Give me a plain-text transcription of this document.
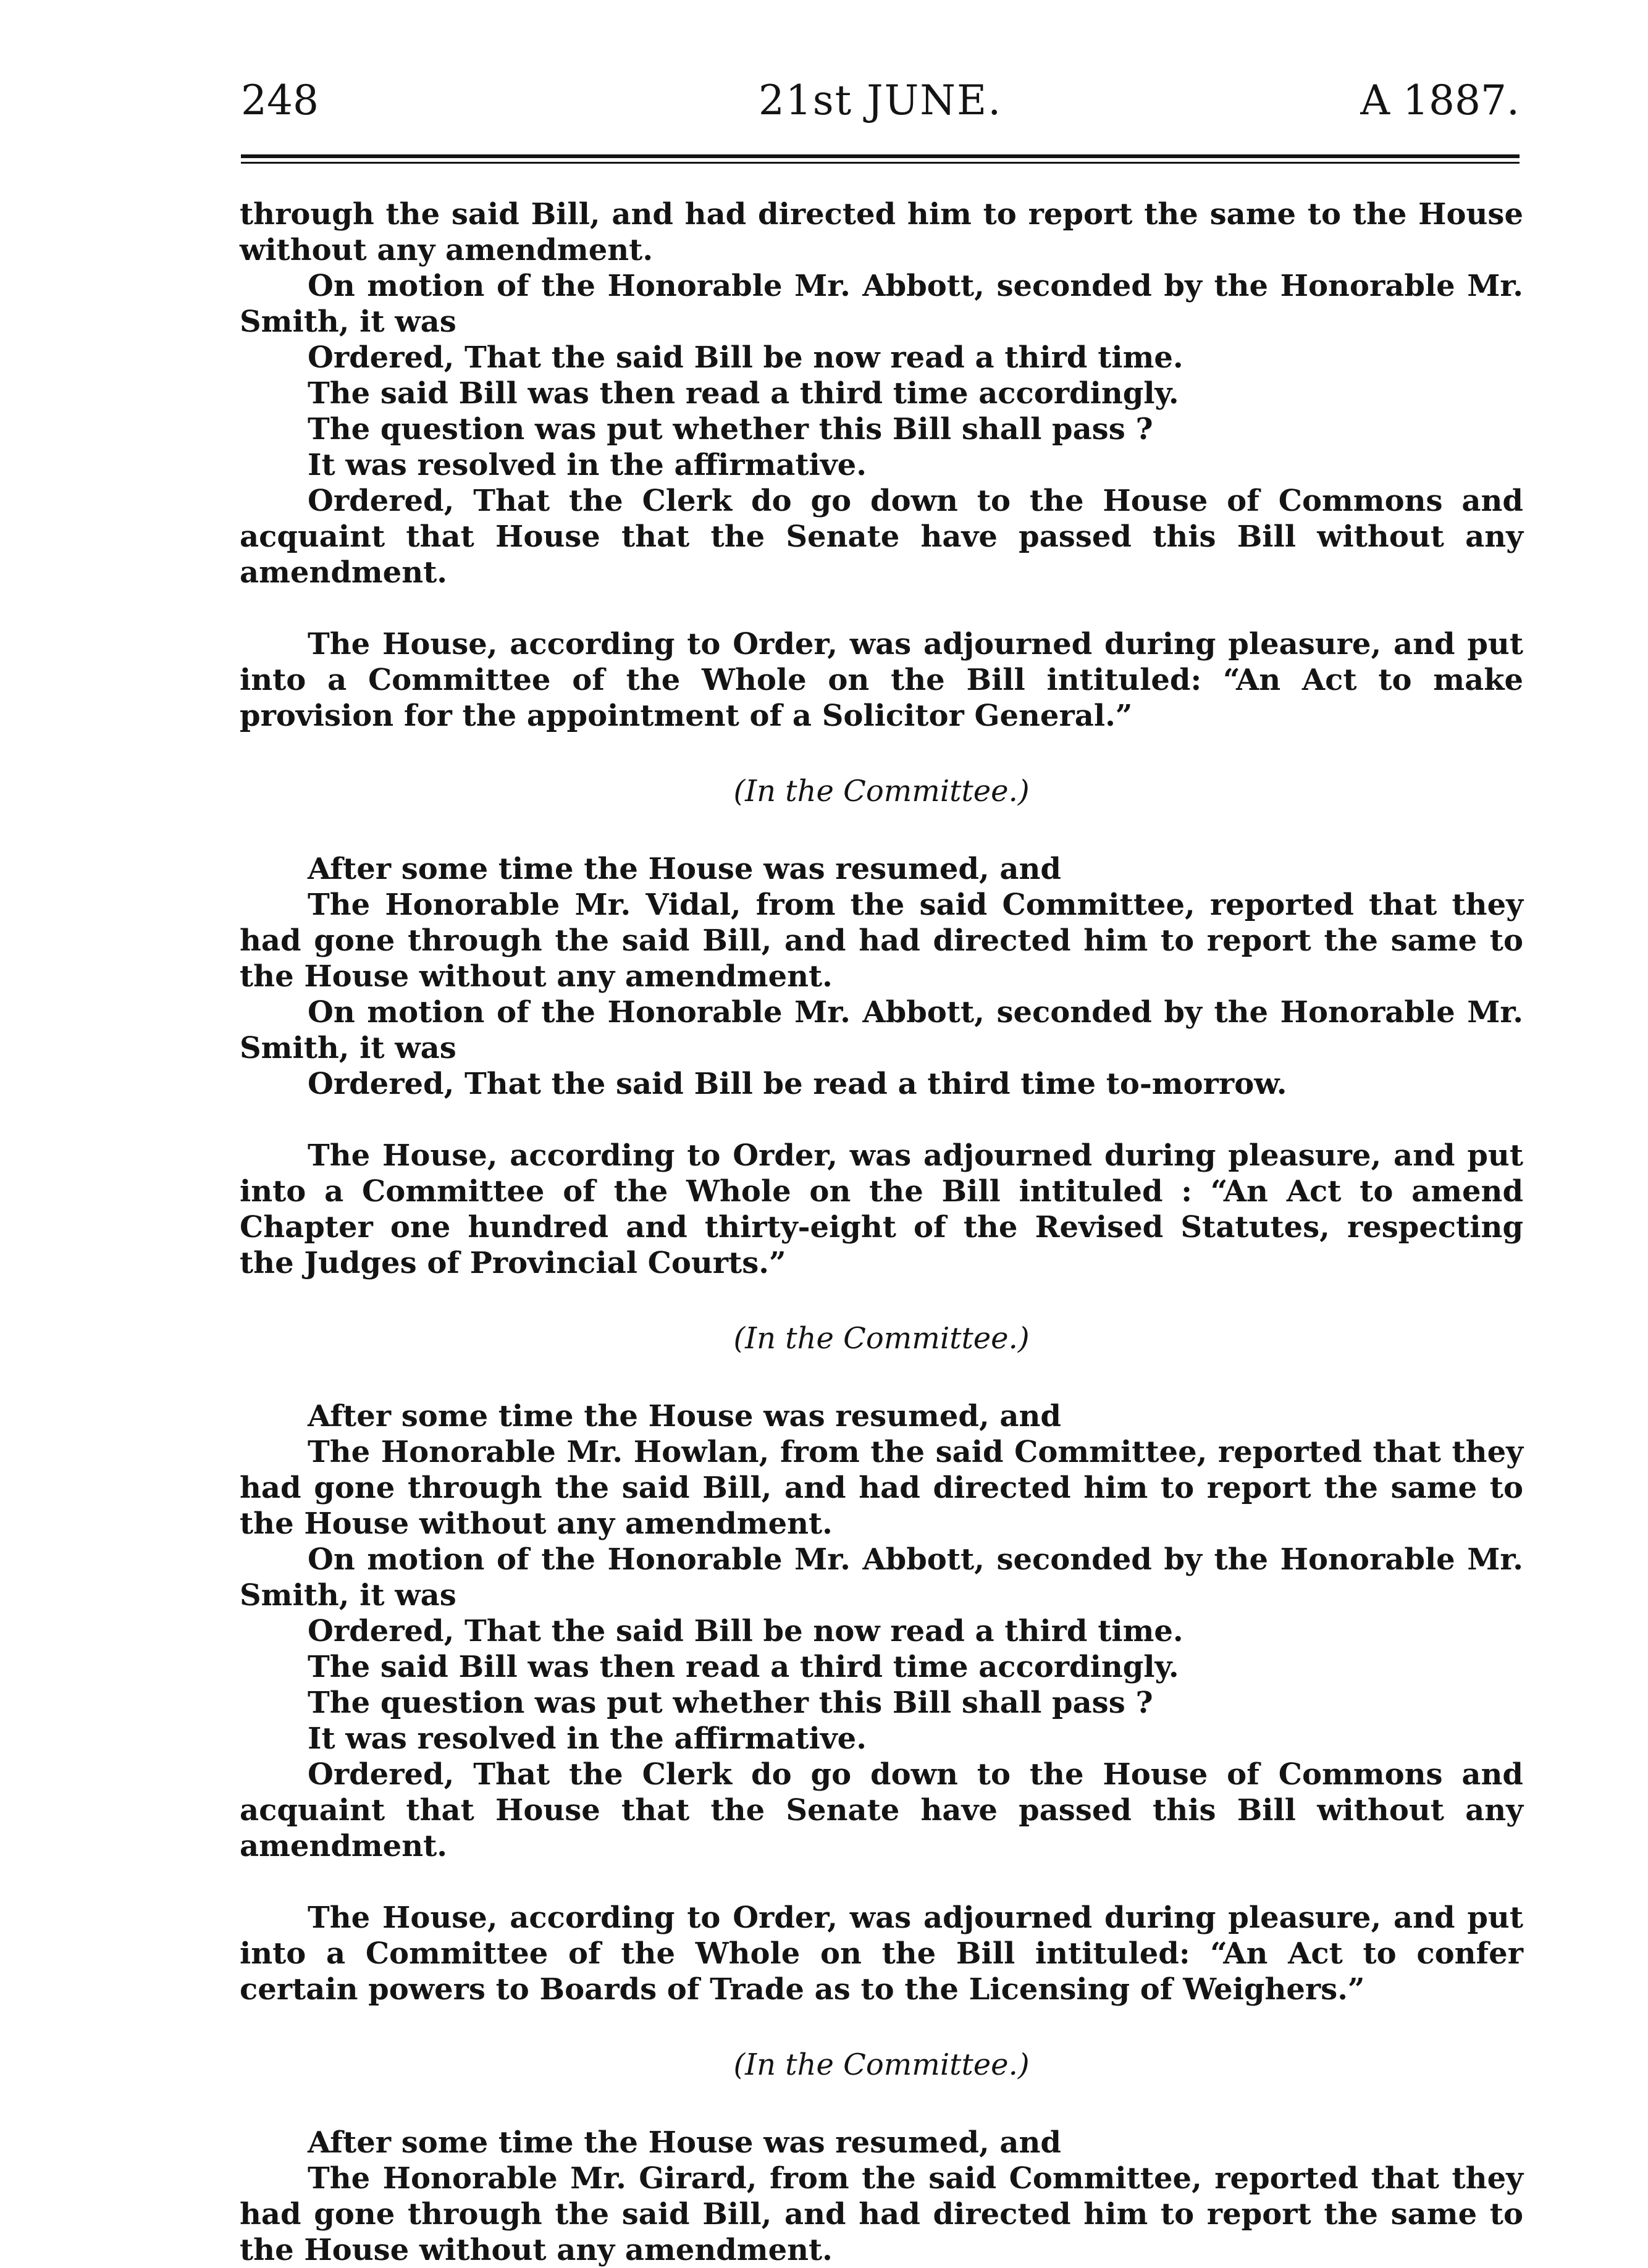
248	21st JUNE.	A 1887.

through the said Bill, and had directed him to report the same to the House without any amendment.

On motion of the Honorable Mr. Abbott, seconded by the Honorable Mr. Smith, it was

Ordered, That the said Bill be now read a third time.

The said Bill was then read a third time accordingly.

The question was put whether this Bill shall pass ?

It was resolved in the affirmative.

Ordered, That the Clerk do go down to the House of Commons and acquaint that House that the Senate have passed this Bill without any amendment.

The House, according to Order, was adjourned during pleasure, and put into a Committee of the Whole on the Bill intituled: “An Act to make provision for the appointment of a Solicitor General.”

(In the Committee.)

After some time the House was resumed, and

The Honorable Mr. Vidal, from the said Committee, reported that they had gone through the said Bill, and had directed him to report the same to the House without any amendment.

On motion of the Honorable Mr. Abbott, seconded by the Honorable Mr. Smith, it was

Ordered, That the said Bill be read a third time to-morrow.

The House, according to Order, was adjourned during pleasure, and put into a Committee of the Whole on the Bill intituled : “An Act to amend Chapter one hundred and thirty-eight of the Revised Statutes, respecting the Judges of Provincial Courts.”

(In the Committee.)

After some time the House was resumed, and

The Honorable Mr. Howlan, from the said Committee, reported that they had gone through the said Bill, and had directed him to report the same to the House without any amendment.

On motion of the Honorable Mr. Abbott, seconded by the Honorable Mr. Smith, it was

Ordered, That the said Bill be now read a third time.

The said Bill was then read a third time accordingly.

The question was put whether this Bill shall pass ?

It was resolved in the affirmative.

Ordered, That the Clerk do go down to the House of Commons and acquaint that House that the Senate have passed this Bill without any amendment.

The House, according to Order, was adjourned during pleasure, and put into a Committee of the Whole on the Bill intituled: “An Act to confer certain powers to Boards of Trade as to the Licensing of Weighers.”

(In the Committee.)

After some time the House was resumed, and

The Honorable Mr. Girard, from the said Committee, reported that they had gone through the said Bill, and had directed him to report the same to the House without any amendment.
